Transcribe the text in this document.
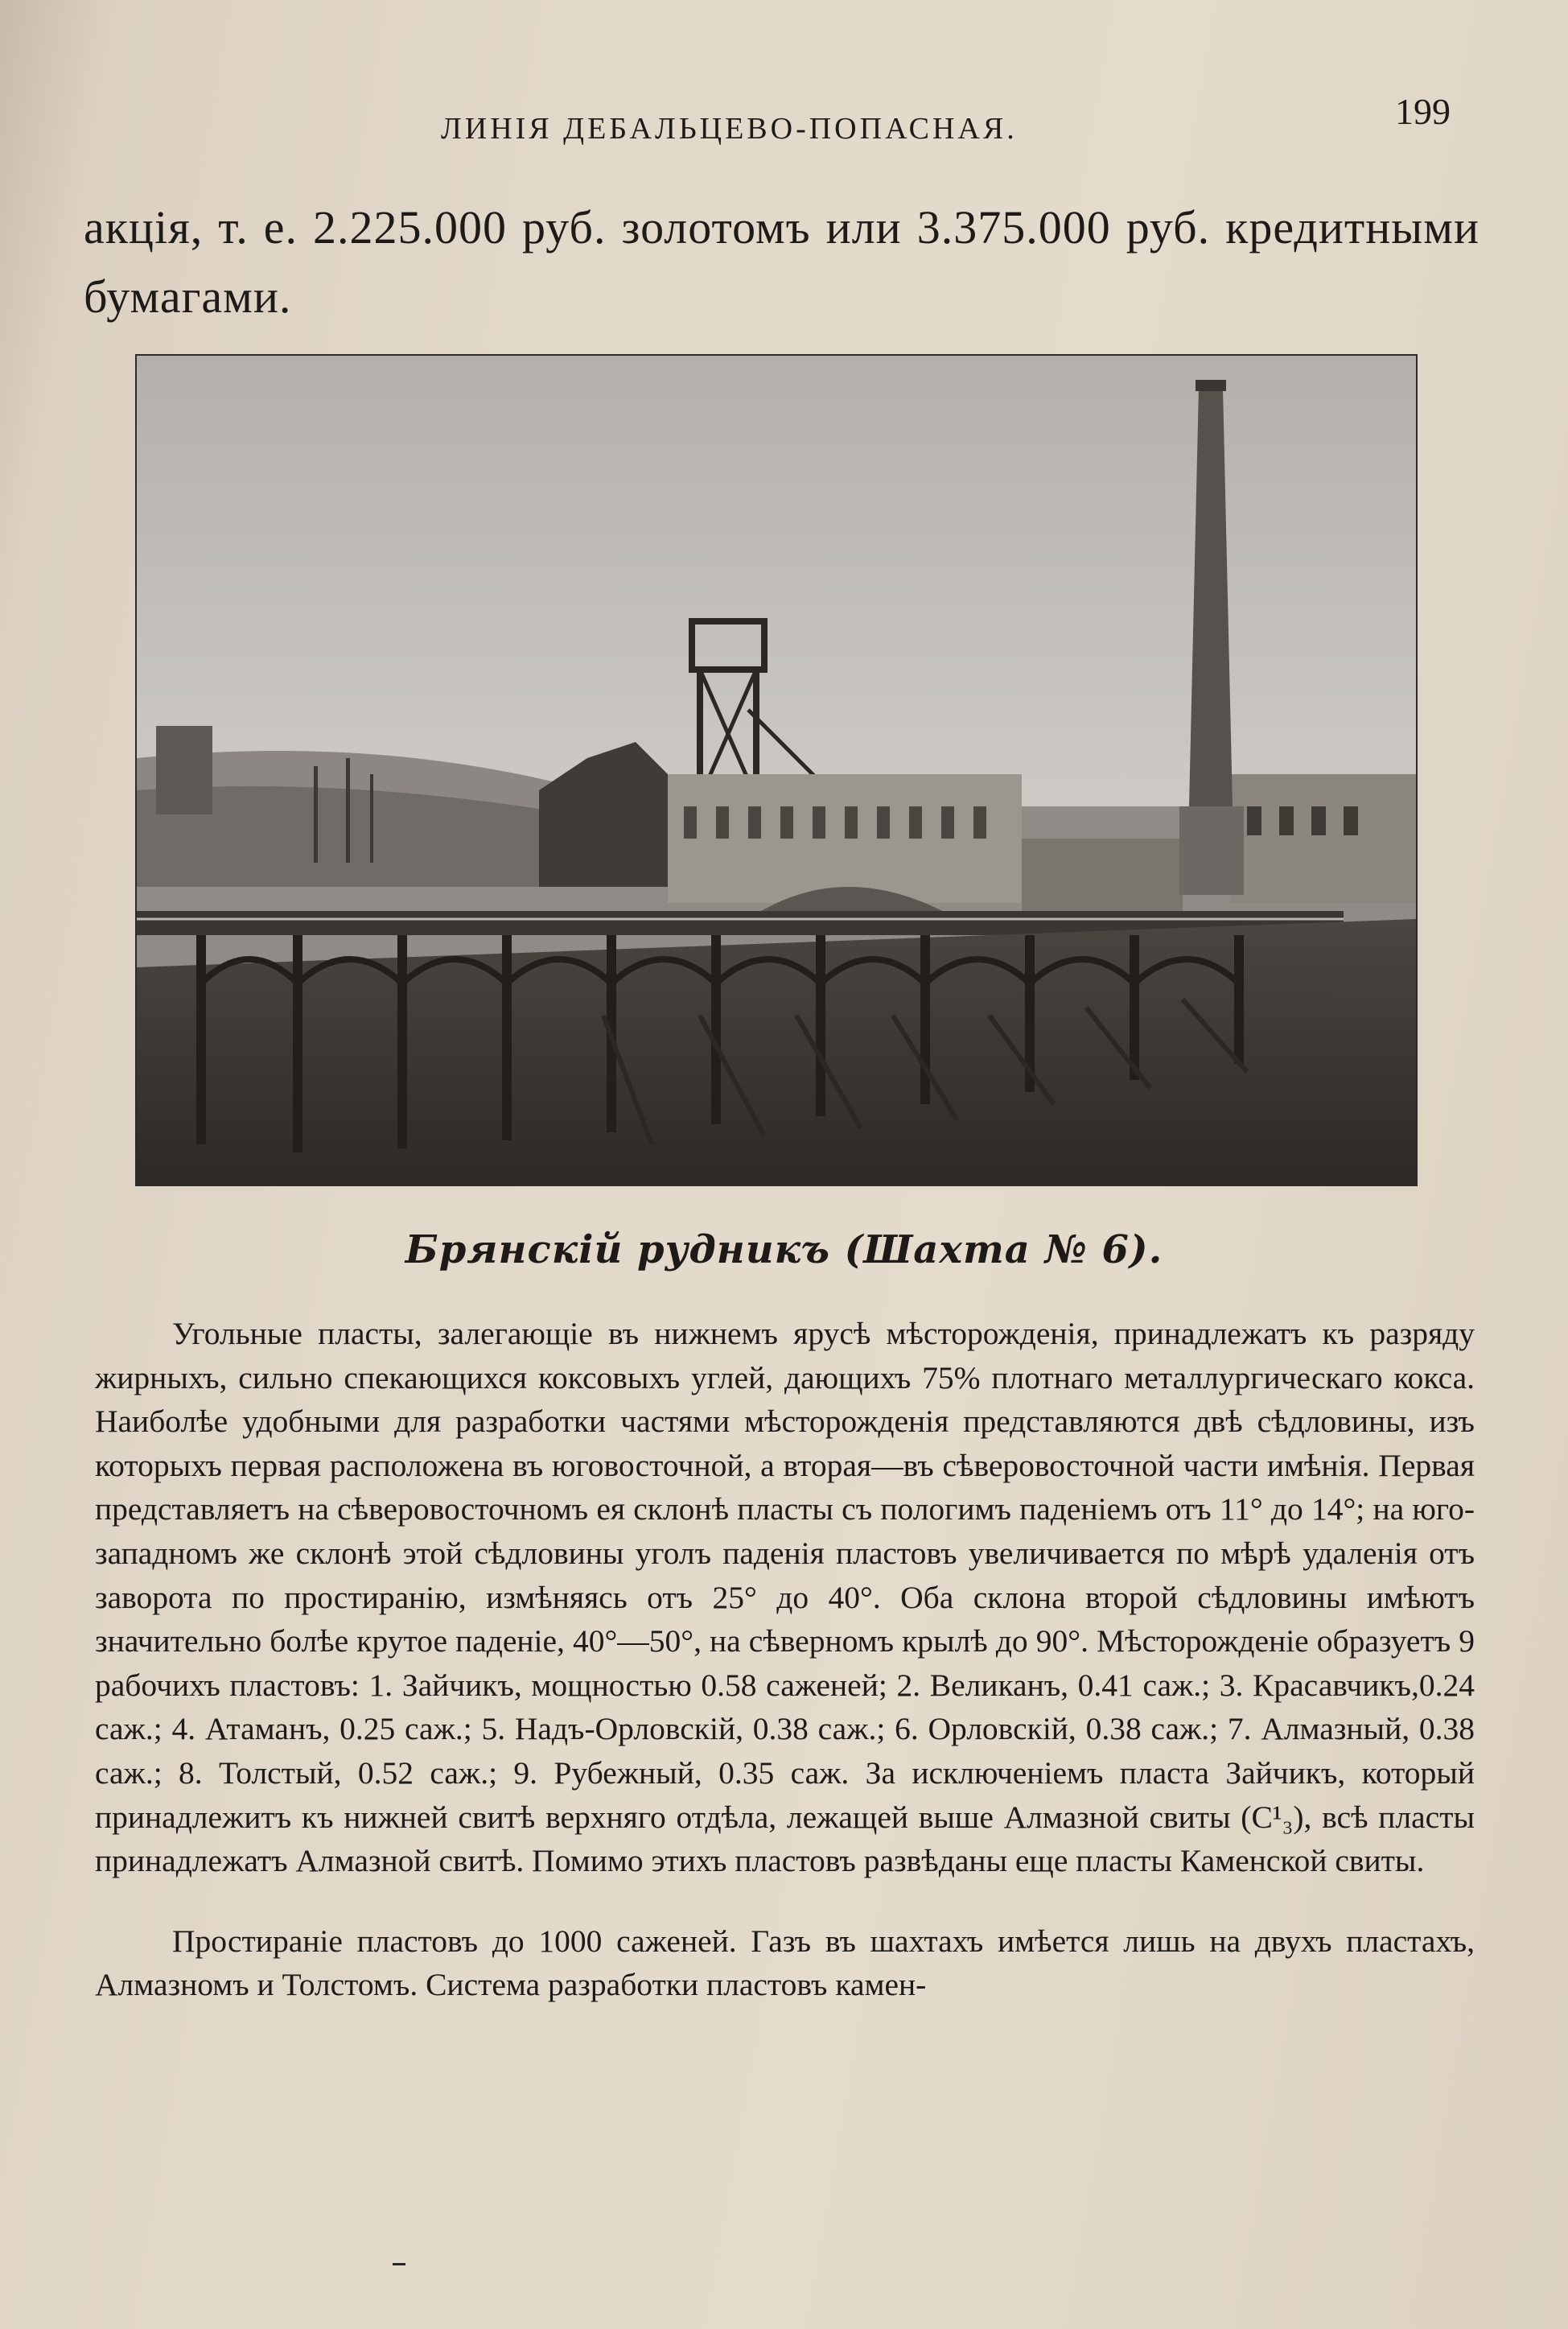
ЛИНІЯ ДЕБАЛЬЦЕВО-ПОПАСНАЯ.	199
акція, т. е. 2.225.000 руб. золотомъ или 3.375.000 руб. кредитными бумагами.
Брянскій рудникъ (Шахта № 6).

Угольные пласты, залегающіе въ нижнемъ ярусѣ мѣсторожденія, принадлежатъ къ разряду жирныхъ, сильно спекающихся коксовыхъ углей, дающихъ 75% плотнаго металлургическаго кокса. Наиболѣе удобными для разработки частями мѣсторожденія представляются двѣ сѣдловины, изъ которыхъ первая расположена въ юговосточной, а вторая—въ сѣверовосточной части имѣнія. Первая представляетъ на сѣверовосточномъ ея склонѣ пласты съ пологимъ паденіемъ отъ 11° до 14°; на юго-западномъ же склонѣ этой сѣдловины уголъ паденія пластовъ увеличивается по мѣрѣ удаленія отъ заворота по простиранію, измѣняясь отъ 25° до 40°. Оба склона второй сѣдловины имѣютъ значительно болѣе крутое паденіе, 40°—50°, на сѣверномъ крылѣ до 90°. Мѣсторожденіе образуетъ 9 рабочихъ пластовъ: 1. Зайчикъ, мощностью 0.58 саженей; 2. Великанъ, 0.41 саж.; 3. Красавчикъ,0.24 саж.; 4. Атаманъ, 0.25 саж.; 5. Надъ-Орловскій, 0.38 саж.; 6. Орловскій, 0.38 саж.; 7. Алмазный, 0.38 саж.; 8. Толстый, 0.52 саж.; 9. Рубежный, 0.35 саж. За исключеніемъ пласта Зайчикъ, который принадлежитъ къ нижней свитѣ верхняго отдѣла, лежащей выше Алмазной свиты (C¹₃), всѣ пласты принадлежатъ Алмазной свитѣ. Помимо этихъ пластовъ развѣданы еще пласты Каменской свиты.

Простираніе пластовъ до 1000 саженей. Газъ въ шахтахъ имѣется лишь на двухъ пластахъ, Алмазномъ и Толстомъ. Система разработки пластовъ камен-
